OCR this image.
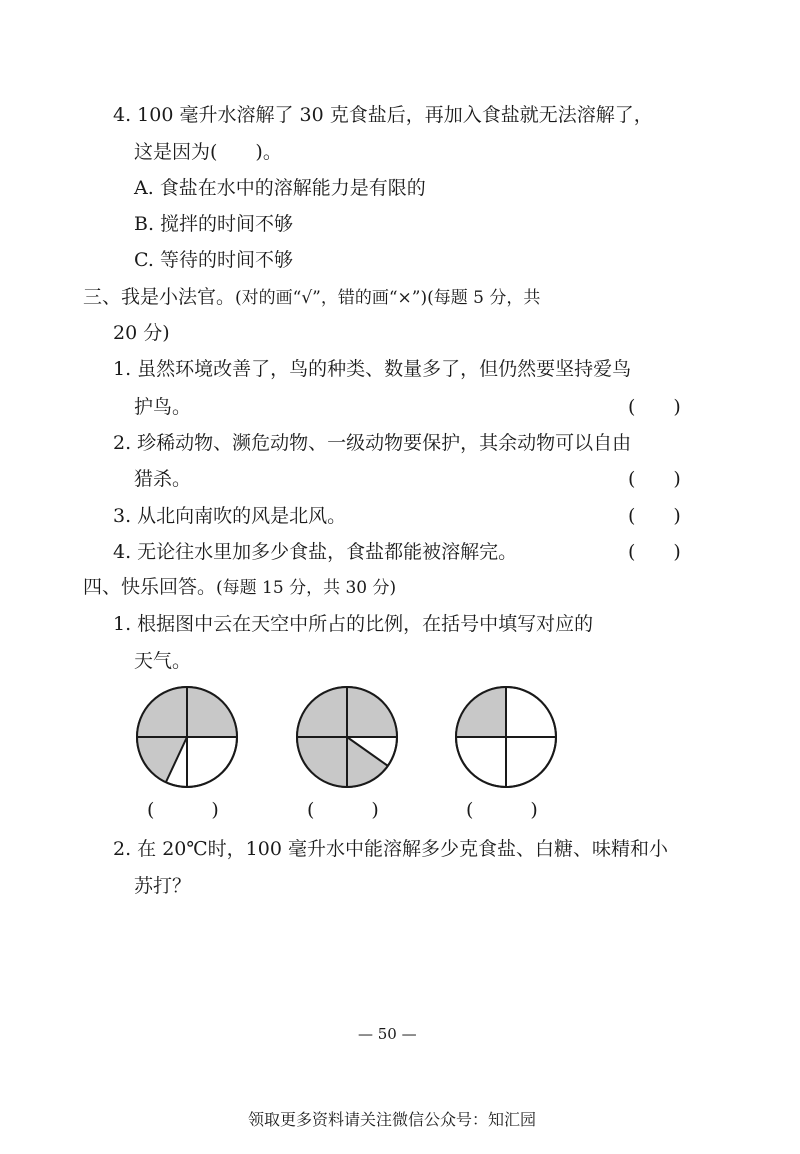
4. 100 毫升水溶解了 30 克食盐后，再加入食盐就无法溶解了，
这是因为(　　)。
A. 食盐在水中的溶解能力是有限的
B. 搅拌的时间不够
C. 等待的时间不够
三、我是小法官。(对的画“√”，错的画“×”)(每题 5 分，共
20 分)
1. 虽然环境改善了，鸟的种类、数量多了，但仍然要坚持爱鸟
护鸟。	(　　)
2. 珍稀动物、濒危动物、一级动物要保护，其余动物可以自由
猎杀。	(　　)
3. 从北向南吹的风是北风。	(　　)
4. 无论往水里加多少食盐，食盐都能被溶解完。	(　　)
四、快乐回答。(每题 15 分，共 30 分)
1. 根据图中云在天空中所占的比例，在括号中填写对应的
天气。
(　　　)	(　　　)	(　　　)
2. 在 20℃时，100 毫升水中能溶解多少克食盐、白糖、味精和小
苏打？
— 50 —
领取更多资料请关注微信公众号：知汇园
